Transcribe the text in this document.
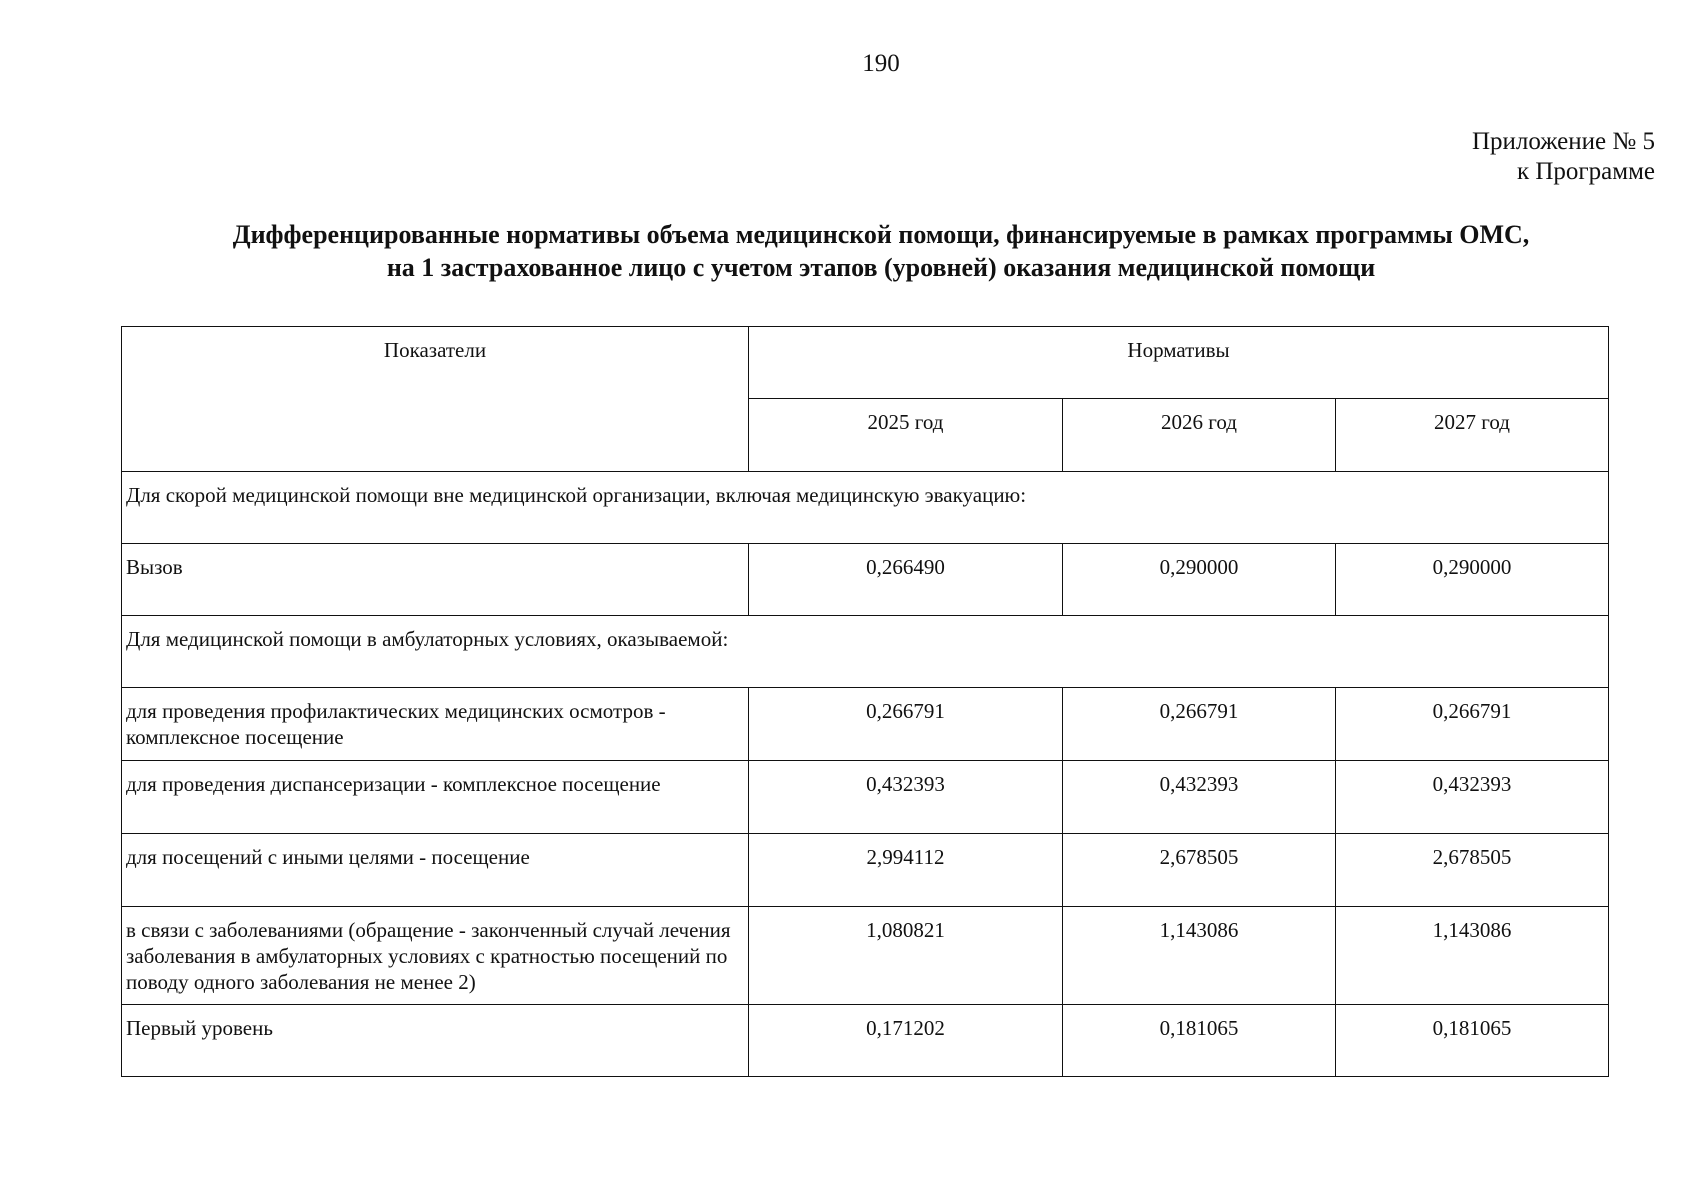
190
Приложение № 5
к Программе
Дифференцированные нормативы объема медицинской помощи, финансируемые в рамках программы ОМС,
на 1 застрахованное лицо с учетом этапов (уровней) оказания медицинской помощи
Показатели	Нормативы		
	2025 год	2026 год	2027 год
Для скорой медицинской помощи вне медицинской организации, включая медицинскую эвакуацию:			
Вызов	0,266490	0,290000	0,290000
Для медицинской помощи в амбулаторных условиях, оказываемой:			
для проведения профилактических медицинских осмотров - комплексное посещение	0,266791	0,266791	0,266791
для проведения диспансеризации - комплексное посещение	0,432393	0,432393	0,432393
для посещений с иными целями - посещение	2,994112	2,678505	2,678505
в связи с заболеваниями (обращение - законченный случай лечения заболевания в амбулаторных условиях с кратностью посещений по поводу одного заболевания не менее 2)	1,080821	1,143086	1,143086
Первый уровень	0,171202	0,181065	0,181065
